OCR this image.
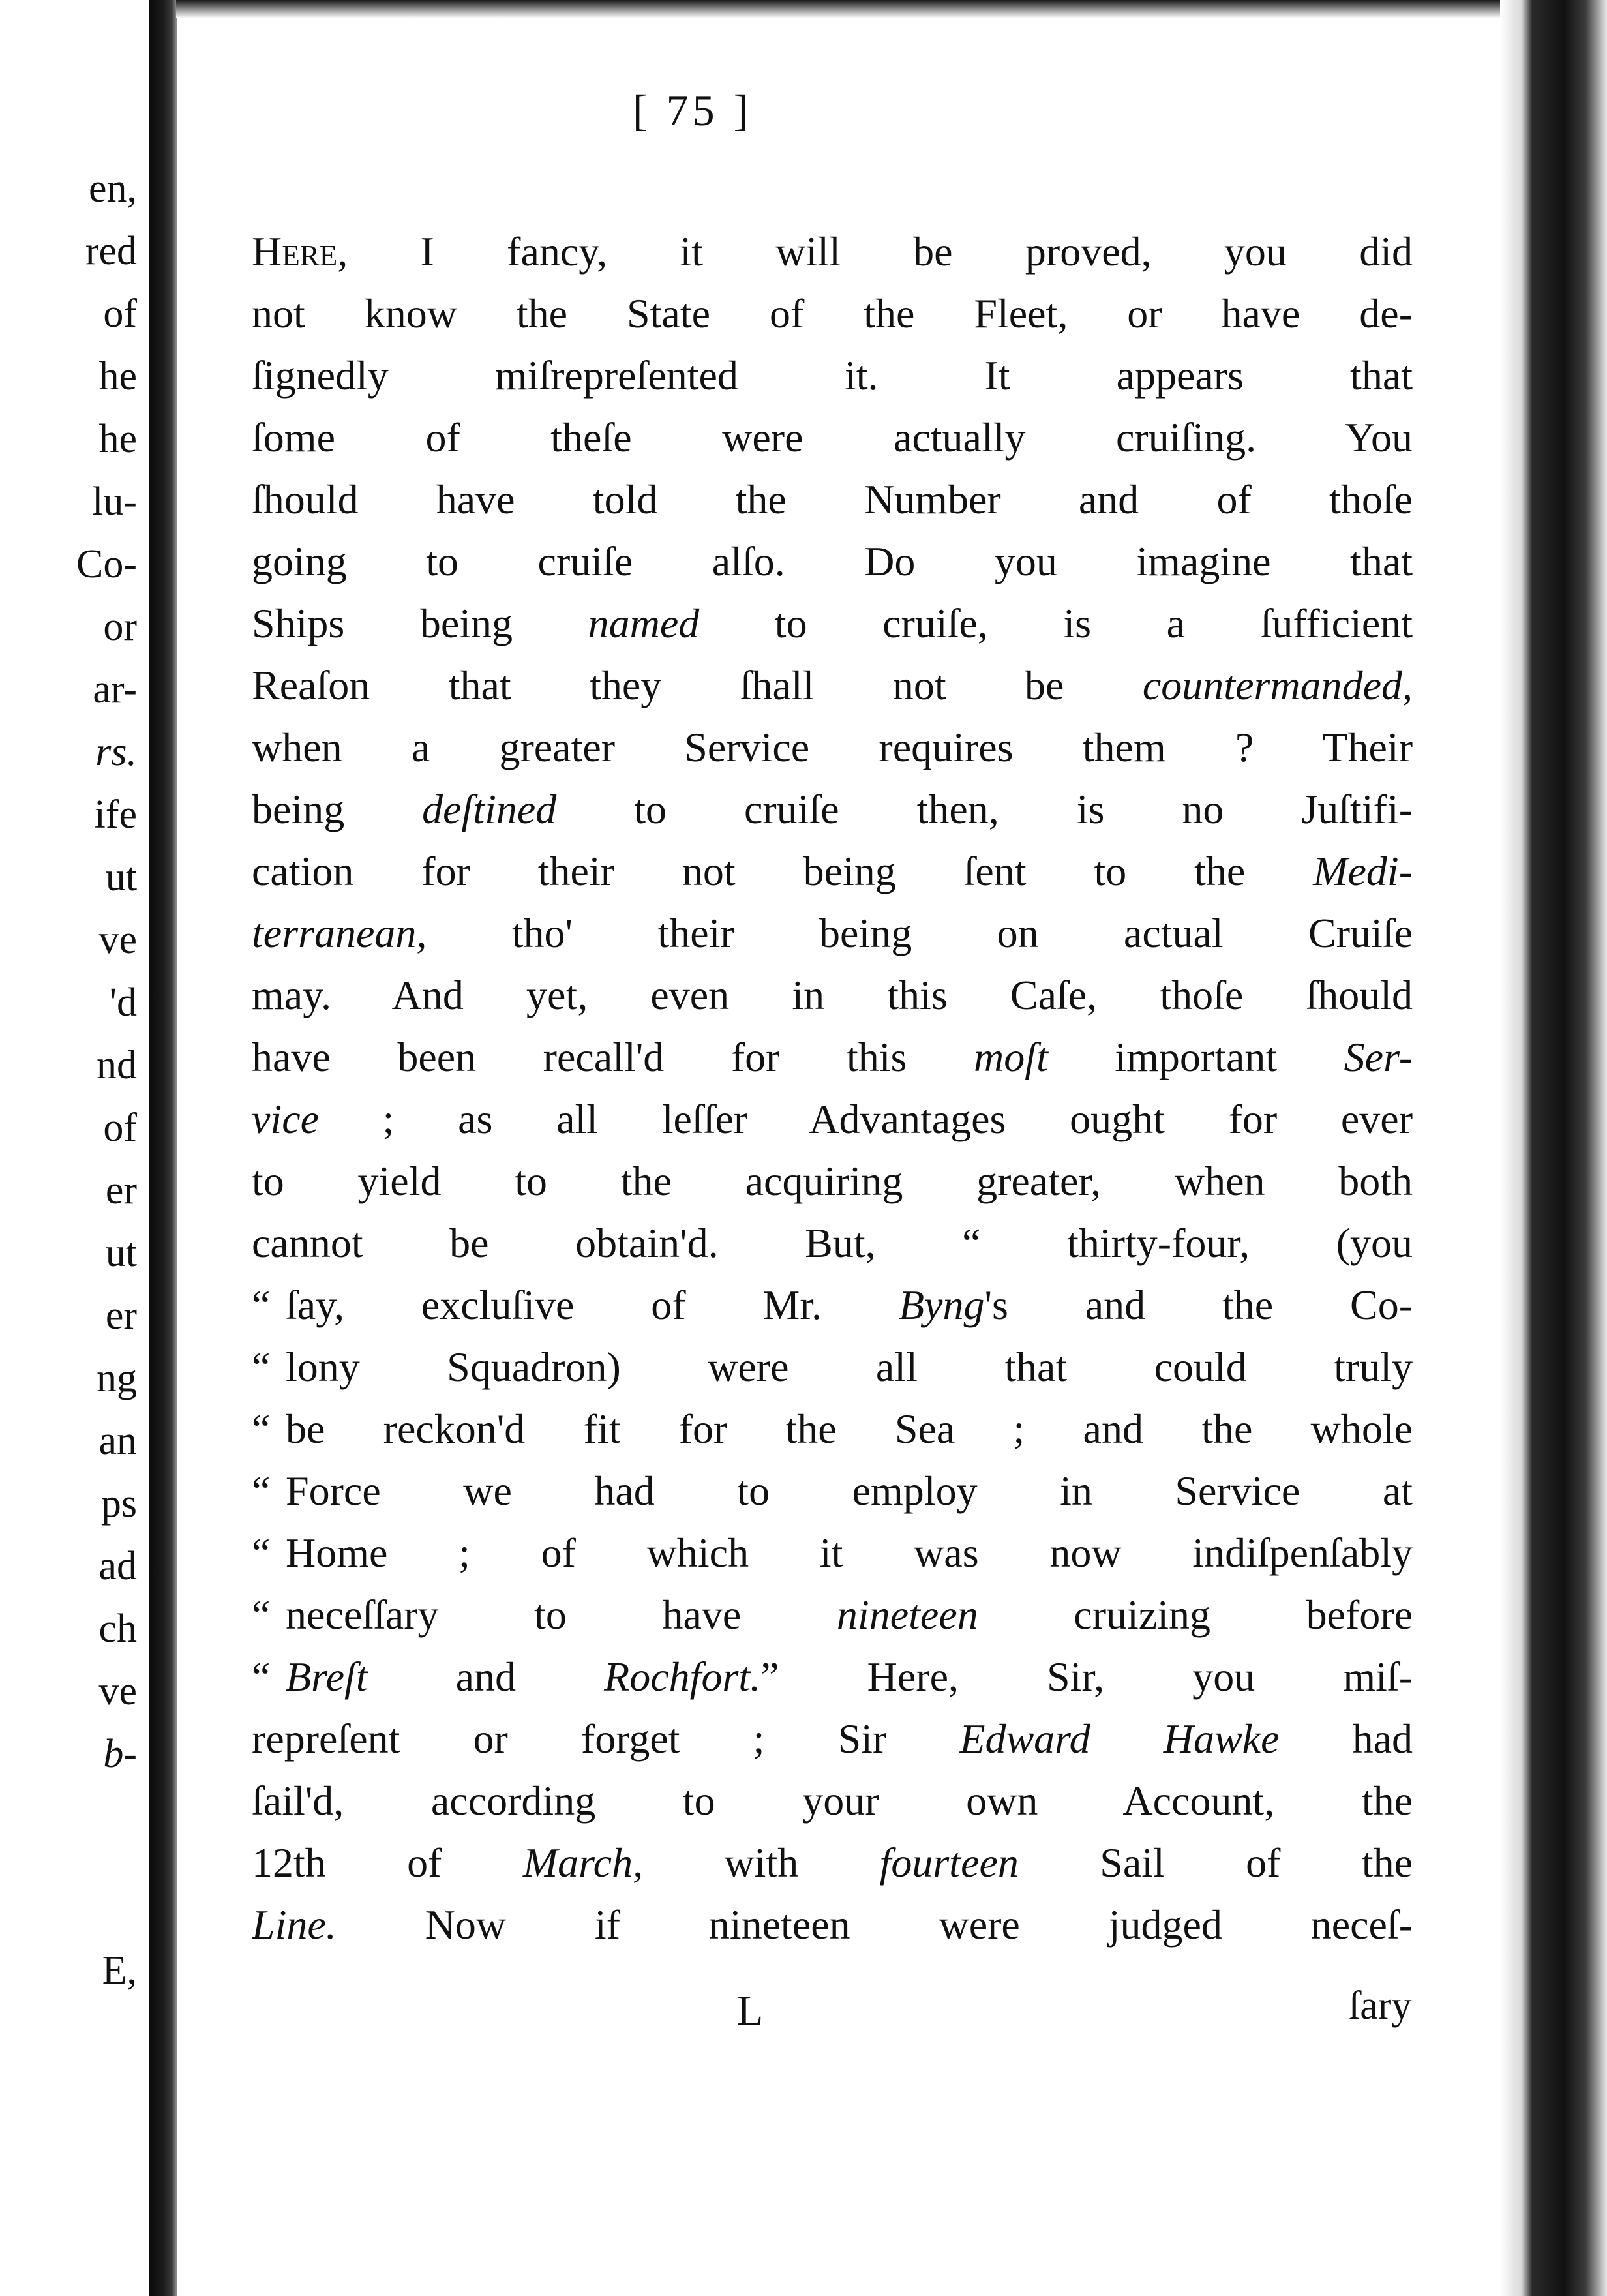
en,
red
of
he
he
lu-
Co-
or
ar-
rs.
ife
ut
ve
'd
nd
of
er
ut
er
ng
an
ps
ad
ch
ve
b-
E,
[ 75 ]
Here, I fancy, it will be proved, you did
not know the State of the Fleet, or have de-
ſignedly miſrepreſented it. It appears that
ſome of theſe were actually cruiſing. You
ſhould have told the Number and of thoſe
going to cruiſe alſo. Do you imagine that
Ships being named to cruiſe, is a ſufficient
Reaſon that they ſhall not be countermanded,
when a greater Service requires them ? Their
being deſtined to cruiſe then, is no Juſtifi-
cation for their not being ſent to the Medi-
terranean, tho' their being on actual Cruiſe
may. And yet, even in this Caſe, thoſe ſhould
have been recall'd for this moſt important Ser-
vice ; as all leſſer Advantages ought for ever
to yield to the acquiring greater, when both
cannot be obtain'd. But, “ thirty-four, (you
“ ſay, excluſive of Mr. Byng's and the Co-
“ lony Squadron) were all that could truly
“ be reckon'd fit for the Sea ; and the whole
“ Force we had to employ in Service at
“ Home ; of which it was now indiſpenſably
“ neceſſary to have nineteen cruizing before
“ Breſt and Rochfort.” Here, Sir, you miſ-
repreſent or forget ; Sir Edward Hawke had
ſail'd, according to your own Account, the
12th of March, with fourteen Sail of the
Line. Now if nineteen were judged neceſ-
L	ſary
